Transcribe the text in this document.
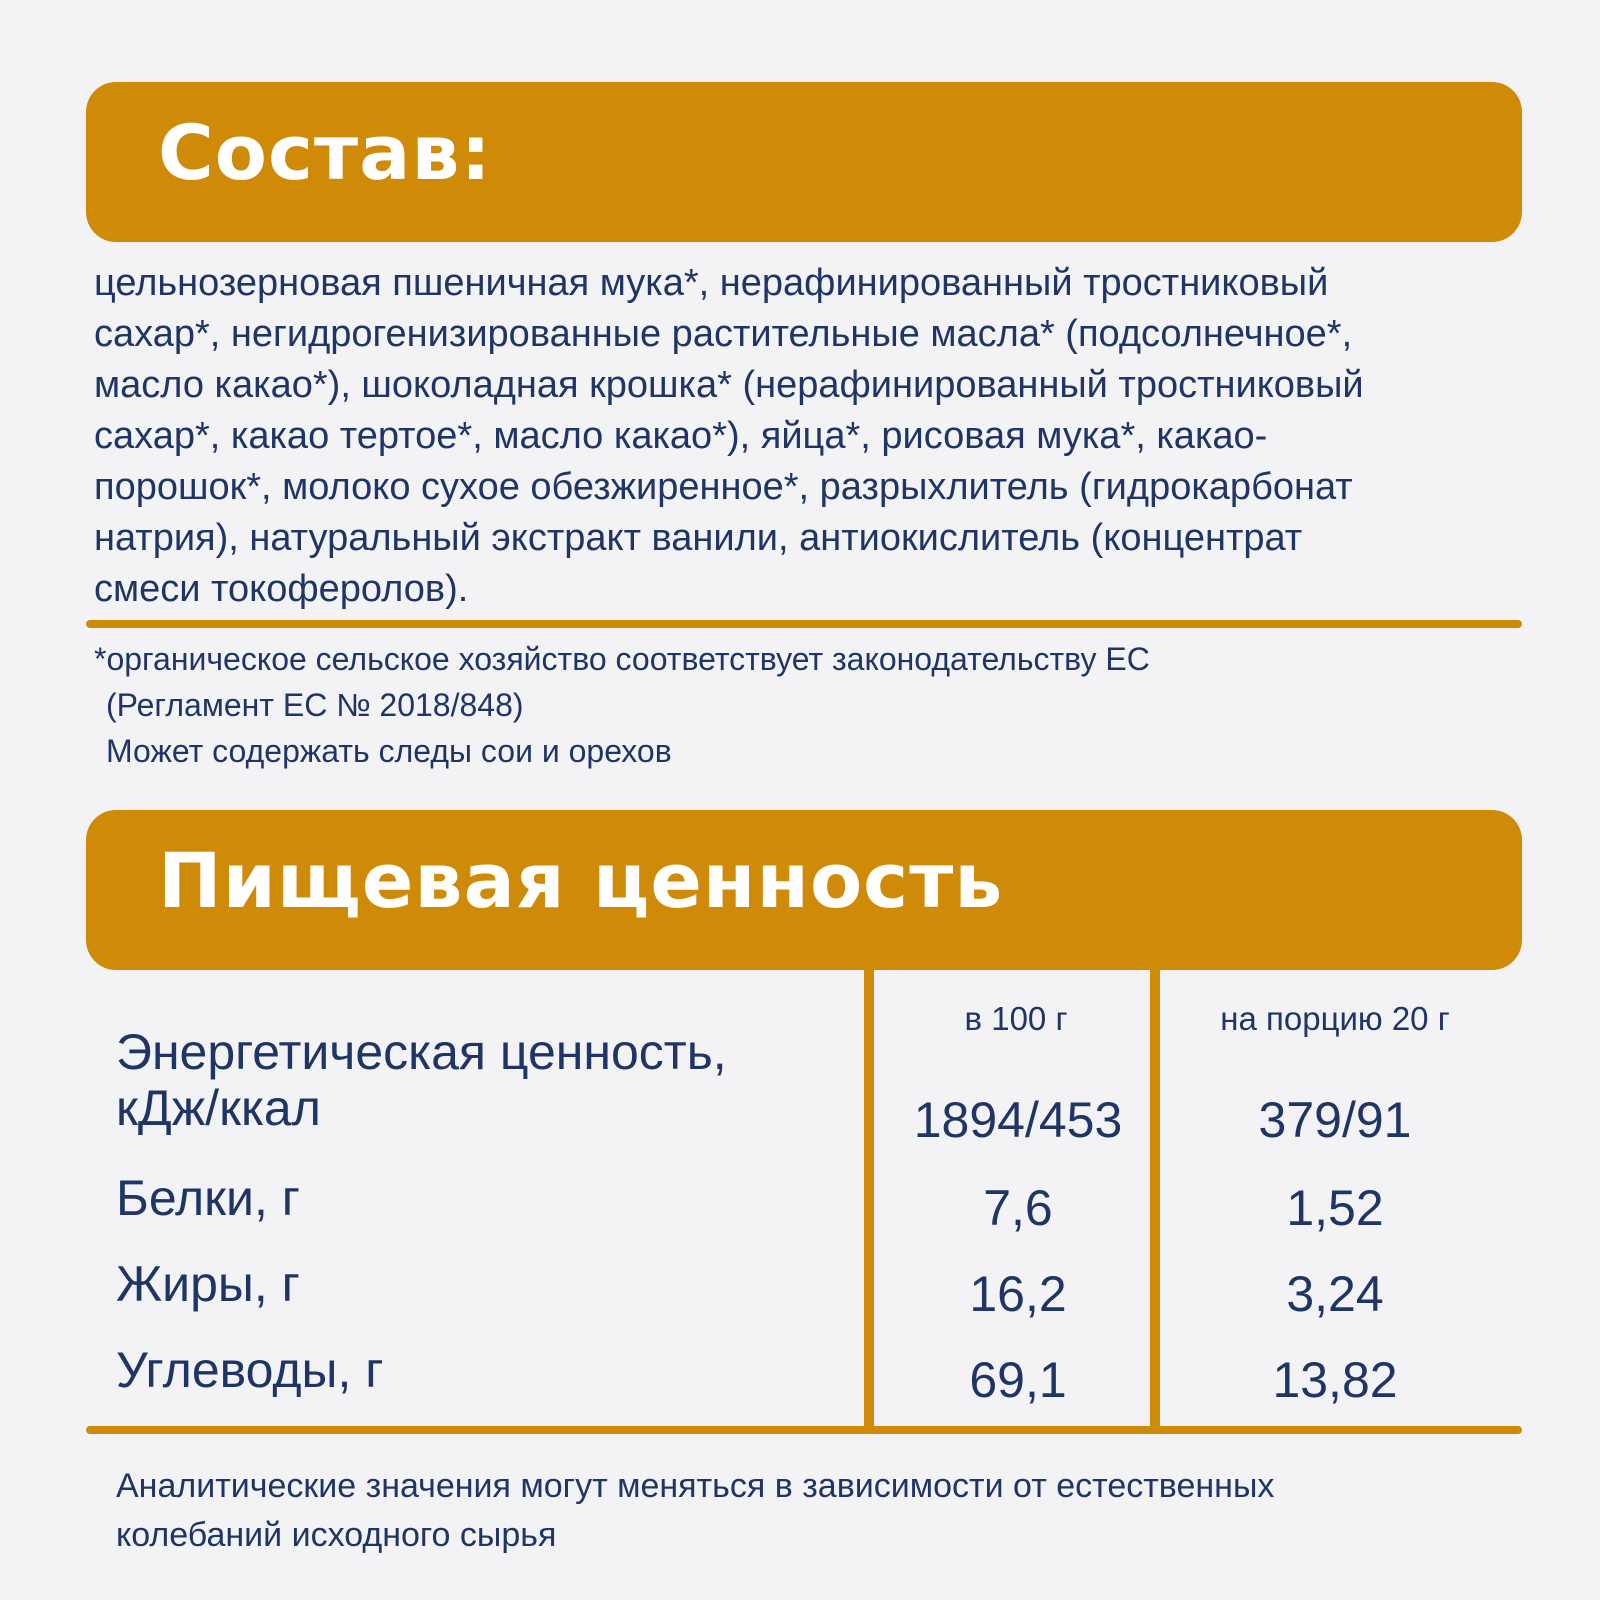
Состав:
цельнозерновая пшеничная мука*, нерафинированный тростниковый
сахар*, негидрогенизированные растительные масла* (подсолнечное*,
масло какао*), шоколадная крошка* (нерафинированный тростниковый
сахар*, какао тертое*, масло какао*), яйца*, рисовая мука*, какао-
порошок*, молоко сухое обезжиренное*, разрыхлитель (гидрокарбонат
натрия), натуральный экстракт ванили, антиокислитель (концентрат
смеси токоферолов).
*органическое сельское хозяйство соответствует законодательству ЕС
(Регламент ЕС № 2018/848)
Может содержать следы сои и орехов
Пищевая ценность
в 100 г	на порцию 20 г
Энергетическая ценность,
кДж/ккал	1894/453	379/91
Белки, г	7,6	1,52
Жиры, г	16,2	3,24
Углеводы, г	69,1	13,82
Аналитические значения могут меняться в зависимости от естественных
колебаний исходного сырья
